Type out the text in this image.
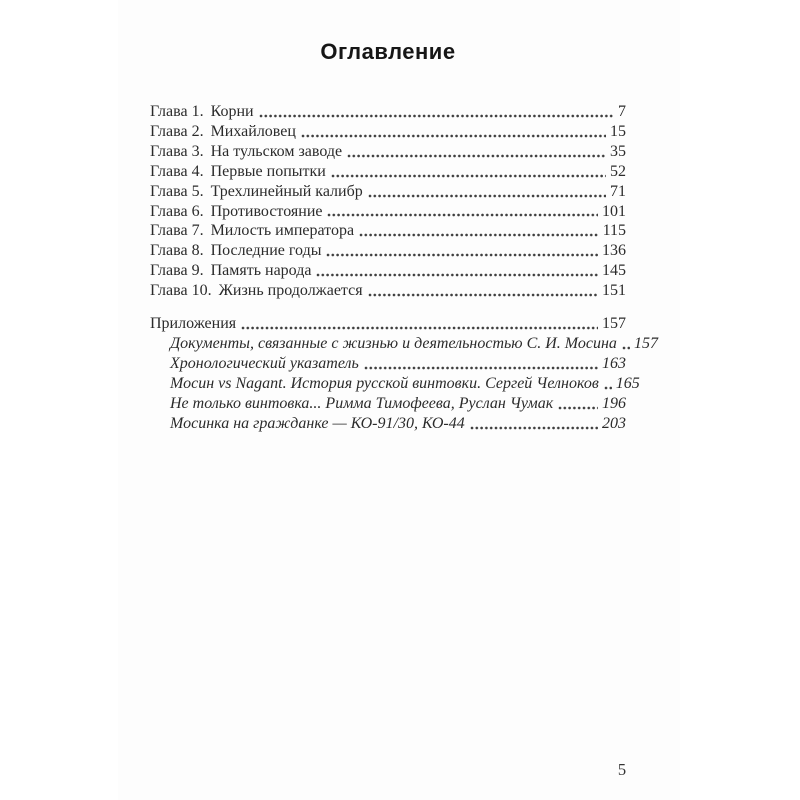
Оглавление
Глава 1. Корни	7
Глава 2. Михайловец	15
Глава 3. На тульском заводе	35
Глава 4. Первые попытки	52
Глава 5. Трехлинейный калибр	71
Глава 6. Противостояние	101
Глава 7. Милость императора	115
Глава 8. Последние годы	136
Глава 9. Память народа	145
Глава 10. Жизнь продолжается	151
Приложения	157
Документы, связанные с жизнью и деятельностью С. И. Мосина 157
Хронологический указатель	163
Мосин vs Nagant. История русской винтовки. Сергей Челноков 165
Не только винтовка... Римма Тимофеева, Руслан Чумак	196
Мосинка на гражданке — КО-91/30, КО-44	203
5
